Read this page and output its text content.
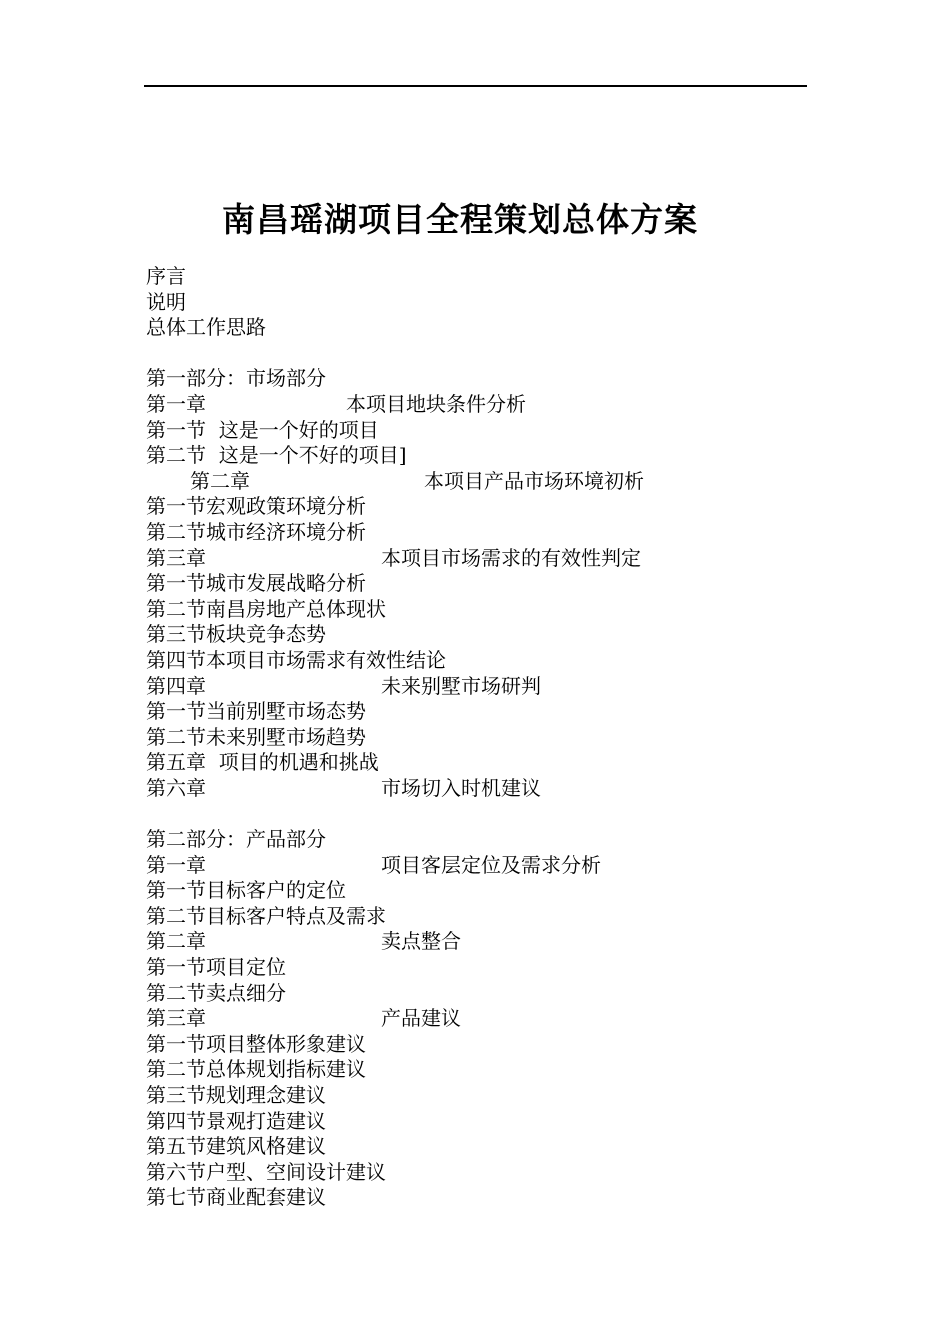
南昌瑶湖项目全程策划总体方案
序言
说明
总体工作思路
第一部分：市场部分
第一章	本项目地块条件分析
第一节  这是一个好的项目
第二节  这是一个不好的项目]
第二章	本项目产品市场环境初析
第一节宏观政策环境分析
第二节城市经济环境分析
第三章	本项目市场需求的有效性判定
第一节城市发展战略分析
第二节南昌房地产总体现状
第三节板块竞争态势
第四节本项目市场需求有效性结论
第四章	未来别墅市场研判
第一节当前别墅市场态势
第二节未来别墅市场趋势
第五章  项目的机遇和挑战
第六章	市场切入时机建议
第二部分：产品部分
第一章	项目客层定位及需求分析
第一节目标客户的定位
第二节目标客户特点及需求
第二章	卖点整合
第一节项目定位
第二节卖点细分
第三章	产品建议
第一节项目整体形象建议
第二节总体规划指标建议
第三节规划理念建议
第四节景观打造建议
第五节建筑风格建议
第六节户型、空间设计建议
第七节商业配套建议
